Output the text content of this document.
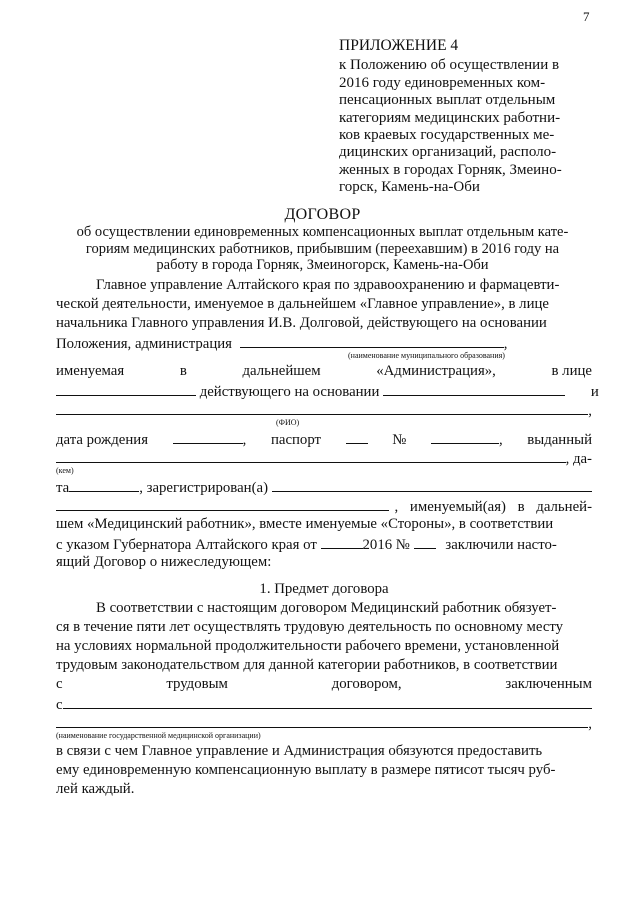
7
ПРИЛОЖЕНИЕ 4
к Положению об осуществлении в
2016 году единовременных ком-
пенсационных выплат отдельным
категориям медицинских работни-
ков краевых государственных ме-
дицинских организаций, располо-
женных в городах Горняк, Змеино-
горск, Камень-на-Оби
ДОГОВОР
об осуществлении единовременных компенсационных выплат отдельным кате-
гориям медицинских работников, прибывшим (переехавшим) в 2016 году на
работу в города Горняк, Змеиногорск, Камень-на-Оби
Главное управление Алтайского края по здравоохранению и фармацевти-
ческой деятельности, именуемое в дальнейшем «Главное управление», в лице
начальника Главного управления И.В. Долговой, действующего на основании
Положения, администрация	,
(наименование муниципального образования)
именуемая	в	дальнейшем	«Администрация»,	в лице
действующего на основании	и
,
(ФИО)
дата рождения	, паспорт	№	, выданный
, да-
(кем)
та	, зарегистрирован(а)
, именуемый(ая) в дальней-
шем «Медицинский работник», вместе именуемые «Стороны», в соответствии
с указом Губернатора Алтайского края от	2016 № заключили насто-
ящий Договор о нижеследующем:
1. Предмет договора
В соответствии с настоящим договором Медицинский работник обязует-
ся в течение пяти лет осуществлять трудовую деятельность по основному месту
на условиях нормальной продолжительности рабочего времени, установленной
трудовым законодательством для данной категории работников, в соответствии
с	трудовым	договором,	заключенным
с
,
(наименование государственной медицинской организации)
в связи с чем Главное управление и Администрация обязуются предоставить
ему единовременную компенсационную выплату в размере пятисот тысяч руб-
лей каждый.
